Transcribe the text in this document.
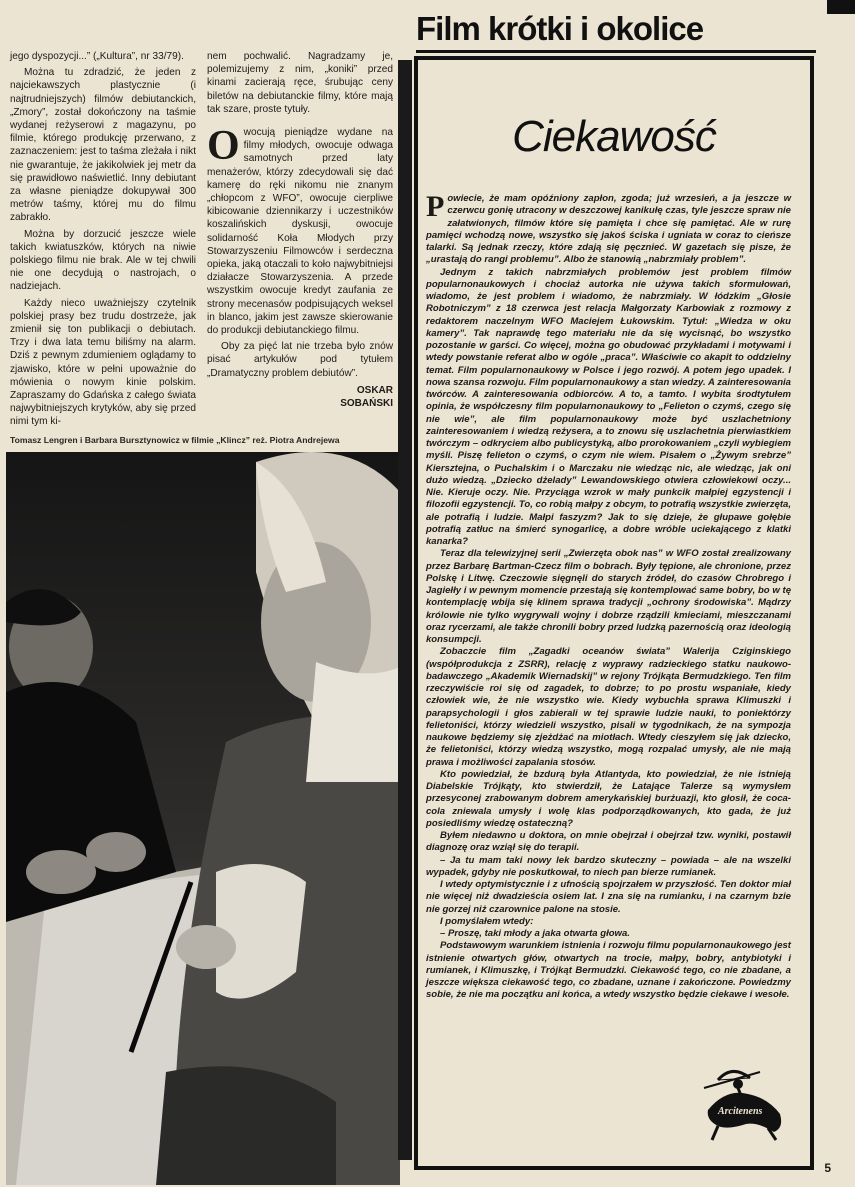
jego dyspozycji...” („Kultura”, nr 33/79).

Można tu zdradzić, że jeden z najciekawszych plastycznie (i najtrudniejszych) filmów debiutanckich, „Zmory”, został dokończony na taśmie wydanej reżyserowi z magazynu, po filmie, którego produkcję przerwano, z zaznaczeniem: jest to taśma zleżała i nikt nie gwarantuje, że jakikolwiek jej metr da się prawidłowo naświetlić. Inny debiutant za własne pieniądze dokupywał 300 metrów taśmy, której mu do filmu zabrakło.

Można by dorzucić jeszcze wiele takich kwiatuszków, których na niwie polskiego filmu nie brak. Ale w tej chwili nie one decydują o nastrojach, o nadziejach.

Każdy nieco uważniejszy czytelnik polskiej prasy bez trudu dostrzeże, jak zmienił się ton publikacji o debiutach. Trzy i dwa lata temu biliśmy na alarm. Dziś z pewnym zdumieniem oglądamy to zjawisko, które w pełni upoważnie do mówienia o nowym kinie polskim. Zapraszamy do Gdańska z całego świata najwybitniejszych krytyków, aby się przed nimi tym ki-

nem pochwalić. Nagradzamy je, polemizujemy z nim, „koniki” przed kinami zacierają ręce, śrubując ceny biletów na debiutanckie filmy, które mają tak szare, proste tytuły.

Owocują pieniądze wydane na filmy młodych, owocuje odwaga samotnych przed laty menażerów, którzy zdecydowali się dać kamerę do ręki nikomu nie znanym „chłopcom z WFO”, owocuje cierpliwe kibicowanie dziennikarzy i uczestników koszalińskich dyskusji, owocuje solidarność Koła Młodych przy Stowarzyszeniu Filmowców i serdeczna opieka, jaką otaczali to koło najwybitniejsi działacze Stowarzyszenia. A przede wszystkim owocuje kredyt zaufania ze strony mecenasów podpisujących weksel in blanco, jakim jest zawsze skierowanie do produkcji debiutanckiego filmu.

Oby za pięć lat nie trzeba było znów pisać artykułów pod tytułem „Dramatyczny problem debiutów”.

OSKAR
SOBAŃSKI
Tomasz Lengren i Barbara Bursztynowicz w filmie „Klincz” reż. Piotra Andrejewa
Film krótki i okolice
Ciekawość

Powiecie, że mam opóźniony zapłon, zgoda; już wrzesień, a ja jeszcze w czerwcu gonię utracony w deszczowej kanikułę czas, tyle jeszcze spraw nie załatwionych, filmów które się pamięta i chce się pamiętać. Ale w rurę pamięci wchodzą nowe, wszystko się jakoś ściska i ugniata w coraz to cieńsze talarki. Są jednak rzeczy, które zdają się pęcznieć. W gazetach się pisze, że „urastają do rangi problemu”. Albo że stanowią „nabrzmiały problem”.

Jednym z takich nabrzmiałych problemów jest problem filmów popularnonaukowych i chociaż autorka nie używa takich sformułowań, wiadomo, że jest problem i wiadomo, że nabrzmiały. W łódzkim „Głosie Robotniczym” z 18 czerwca jest relacja Małgorzaty Karbowiak z rozmowy z redaktorem naczelnym WFO Maciejem Łukowskim. Tytuł: „Wiedza w oku kamery”. Tak naprawdę tego materiału nie da się wycisnąć, bo wszystko pozostanie w garści. Co więcej, można go obudować przykładami i motywami i wtedy powstanie referat albo w ogóle „praca”. Właściwie co akapit to oddzielny temat. Film popularnonaukowy w Polsce i jego rozwój. A potem jego upadek. I nowa szansa rozwoju. Film popularnonaukowy a stan wiedzy. A zainteresowania twórców. A zainteresowania odbiorców. A to, a tamto. I wybita środtytułem opinia, że współczesny film popularnonaukowy to „Felieton o czymś, czego się nie wie”, ale film popularnonaukowy może być uszlachetniony zainteresowaniem i wiedzą reżysera, a to znowu się uszlachetnia pierwiastkiem twórczym – odkryciem albo publicystyką, albo prorokowaniem „czyli wybiegiem myśli. Piszę felieton o czymś, o czym nie wiem. Pisałem o „Żywym srebrze” Kiersztejna, o Puchalskim i o Marczaku nie wiedząc nic, ale wiedząc, jak oni dużo wiedzą. „Dziecko dżelady” Lewandowskiego otwiera człowiekowi oczy... Nie. Kieruje oczy. Nie. Przyciąga wzrok w mały punkcik małpiej egzystencji i filozofii egzystencji. To, co robią małpy z obcym, to potrafią wszystkie zwierzęta, ale potrafią i ludzie. Małpi faszyzm? Jak to się dzieje, że głupawe gołębie potrafią zatłuc na śmierć synogarlicę, a dobre wróble uciekającego z klatki kanarka?

Teraz dla telewizyjnej serii „Zwierzęta obok nas” w WFO został zrealizowany przez Barbarę Bartman-Czecz film o bobrach. Były tępione, ale chronione, przez Polskę i Litwę. Czeczowie sięgnęli do starych źródeł, do czasów Chrobrego i Jagiełły i w pewnym momencie przestają się kontemplować same bobry, bo w tę kontemplację wbija się klinem sprawa tradycji „ochrony środowiska”. Mądrzy królowie nie tylko wygrywali wojny i dobrze rządzili kmieciami, mieszczanami oraz rycerzami, ale także chronili bobry przed ludzką pazernością oraz ideologią konsumpcji.

Zobaczcie film „Zagadki oceanów świata” Walerija Cziginskiego (współprodukcja z ZSRR), relację z wyprawy radzieckiego statku naukowo-badawczego „Akademik Wiernadskij” w rejony Trójkąta Bermudzkiego. Ten film rzeczywiście roi się od zagadek, to dobrze; to po prostu wspaniałe, kiedy człowiek wie, że nie wszystko wie. Kiedy wybuchła sprawa Klimuszki i parapsychologii i głos zabierali w tej sprawie ludzie nauki, to poniektórzy felietoniści, którzy wiedzieli wszystko, pisali w tygodnikach, że na sympozja naukowe będziemy się zjeżdżać na miotłach. Wtedy cieszyłem się jak dziecko, że felietoniści, którzy wiedzą wszystko, mogą rozpalać umysły, ale nie mają prawa i możliwości zapalania stosów.

Kto powiedział, że bzdurą była Atlantyda, kto powiedział, że nie istnieją Diabelskie Trójkąty, kto stwierdził, że Latające Talerze są wymysłem przesyconej zrabowanym dobrem amerykańskiej burżuazji, kto głosił, że coca-cola zniewala umysły i wolę klas podporządkowanych, kto gada, że już posiedliśmy wiedzę ostateczną?

Byłem niedawno u doktora, on mnie obejrzał i obejrzał tzw. wyniki, postawił diagnozę oraz wziął się do terapii.

– Ja tu mam taki nowy lek bardzo skuteczny – powiada – ale na wszelki wypadek, gdyby nie poskutkował, to niech pan bierze rumianek.

I wtedy optymistycznie i z ufnością spojrzałem w przyszłość. Ten doktor miał nie więcej niż dwadzieścia osiem lat. I zna się na rumianku, i na czarnym bzie nie gorzej niż czarownice palone na stosie.

I pomyślałem wtedy:

– Proszę, taki młody a jaka otwarta głowa.

Podstawowym warunkiem istnienia i rozwoju filmu popularnonaukowego jest istnienie otwartych głów, otwartych na trocie, małpy, bobry, antybiotyki i rumianek, i Klimuszkę, i Trójkąt Bermudzki. Ciekawość tego, co nie zbadane, a jeszcze większa ciekawość tego, co zbadane, uznane i zakończone. Powiedzmy sobie, że nie ma początku ani końca, a wtedy wszystko będzie ciekawe i wesołe.

Arcitenens
5
